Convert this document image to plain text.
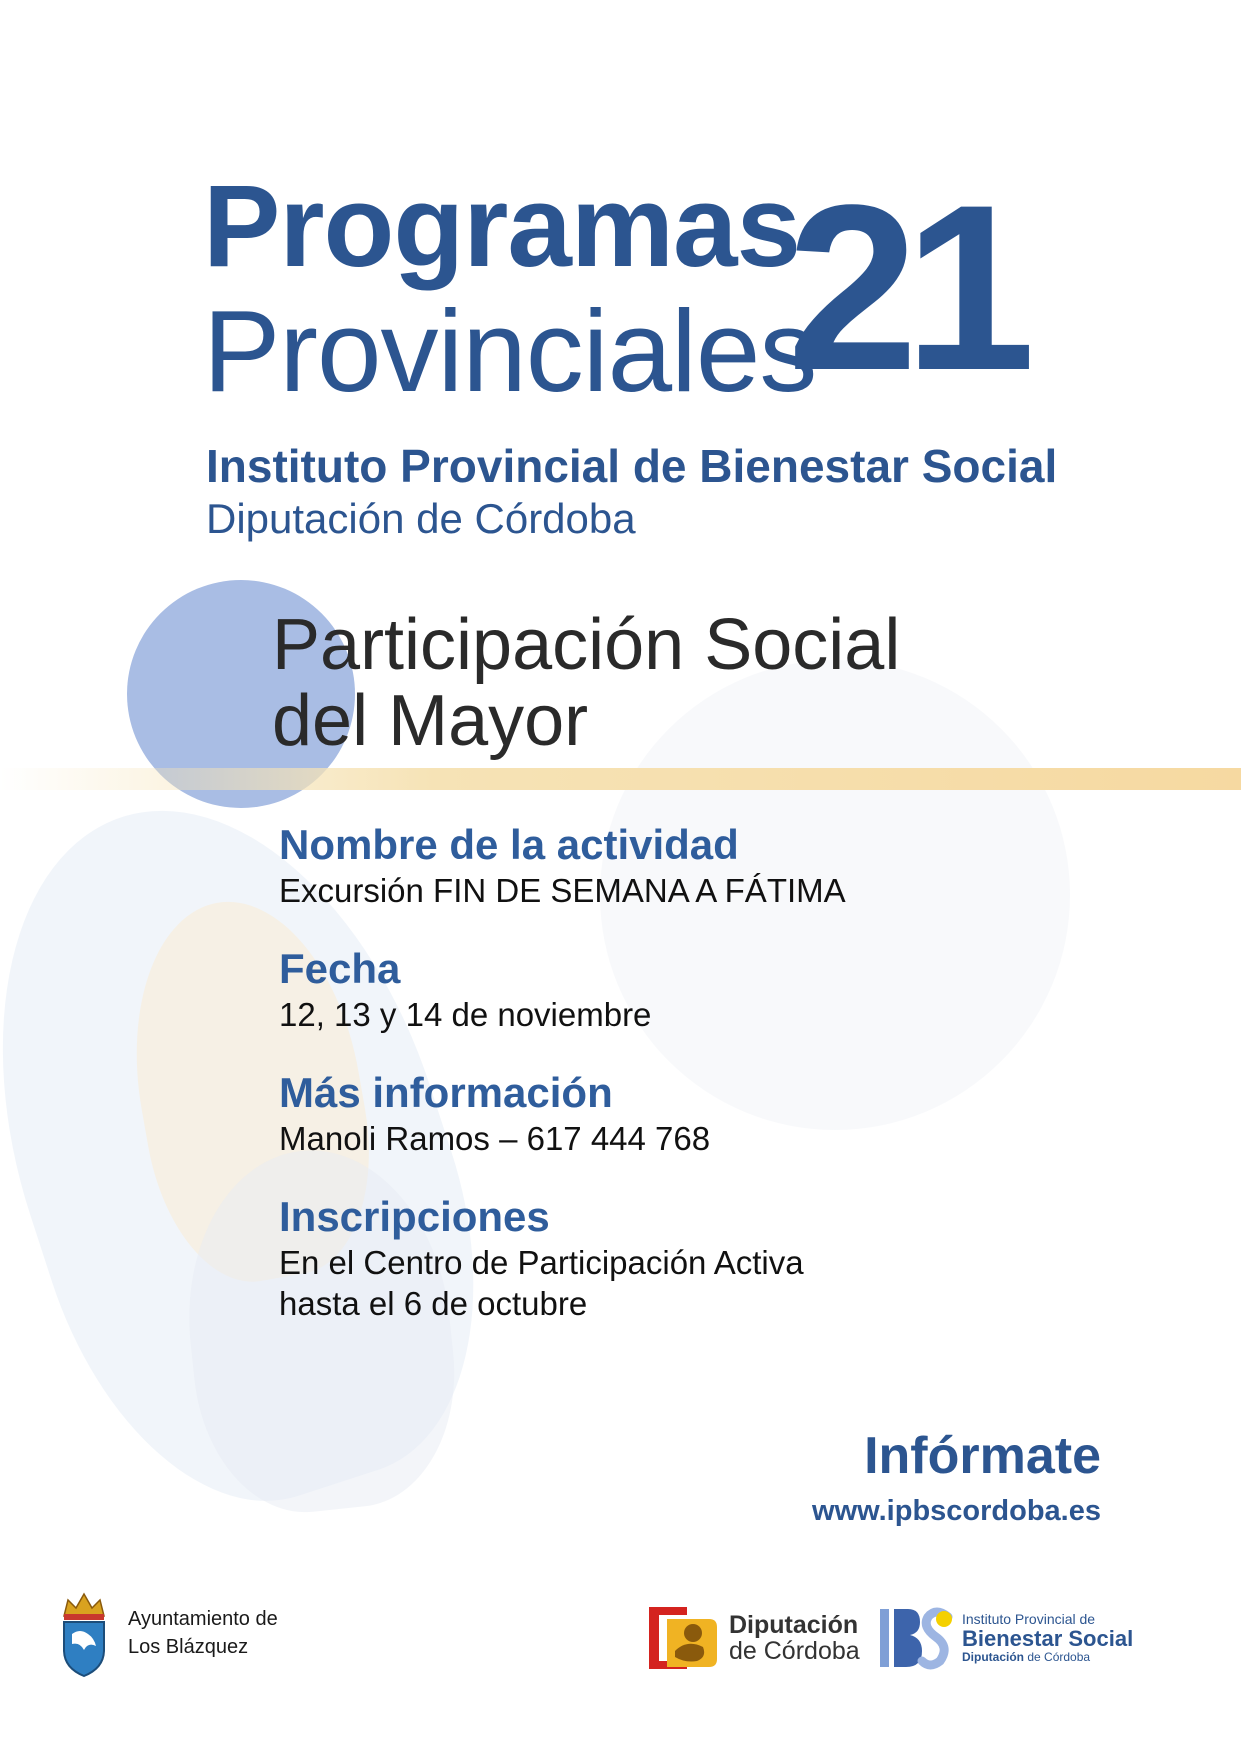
Programas
Provinciales
21
Instituto Provincial de Bienestar Social
Diputación de Córdoba
Participación Social
del Mayor
Nombre de la actividad
Excursión FIN DE SEMANA A FÁTIMA
Fecha
12, 13 y 14 de noviembre
Más información
Manoli Ramos – 617 444 768
Inscripciones
En el Centro de Participación Activa
hasta el 6 de octubre
Infórmate
www.ipbscordoba.es
Ayuntamiento de
Los Blázquez
Diputación
de Córdoba
Instituto Provincial de
Bienestar Social
Diputación de Córdoba
